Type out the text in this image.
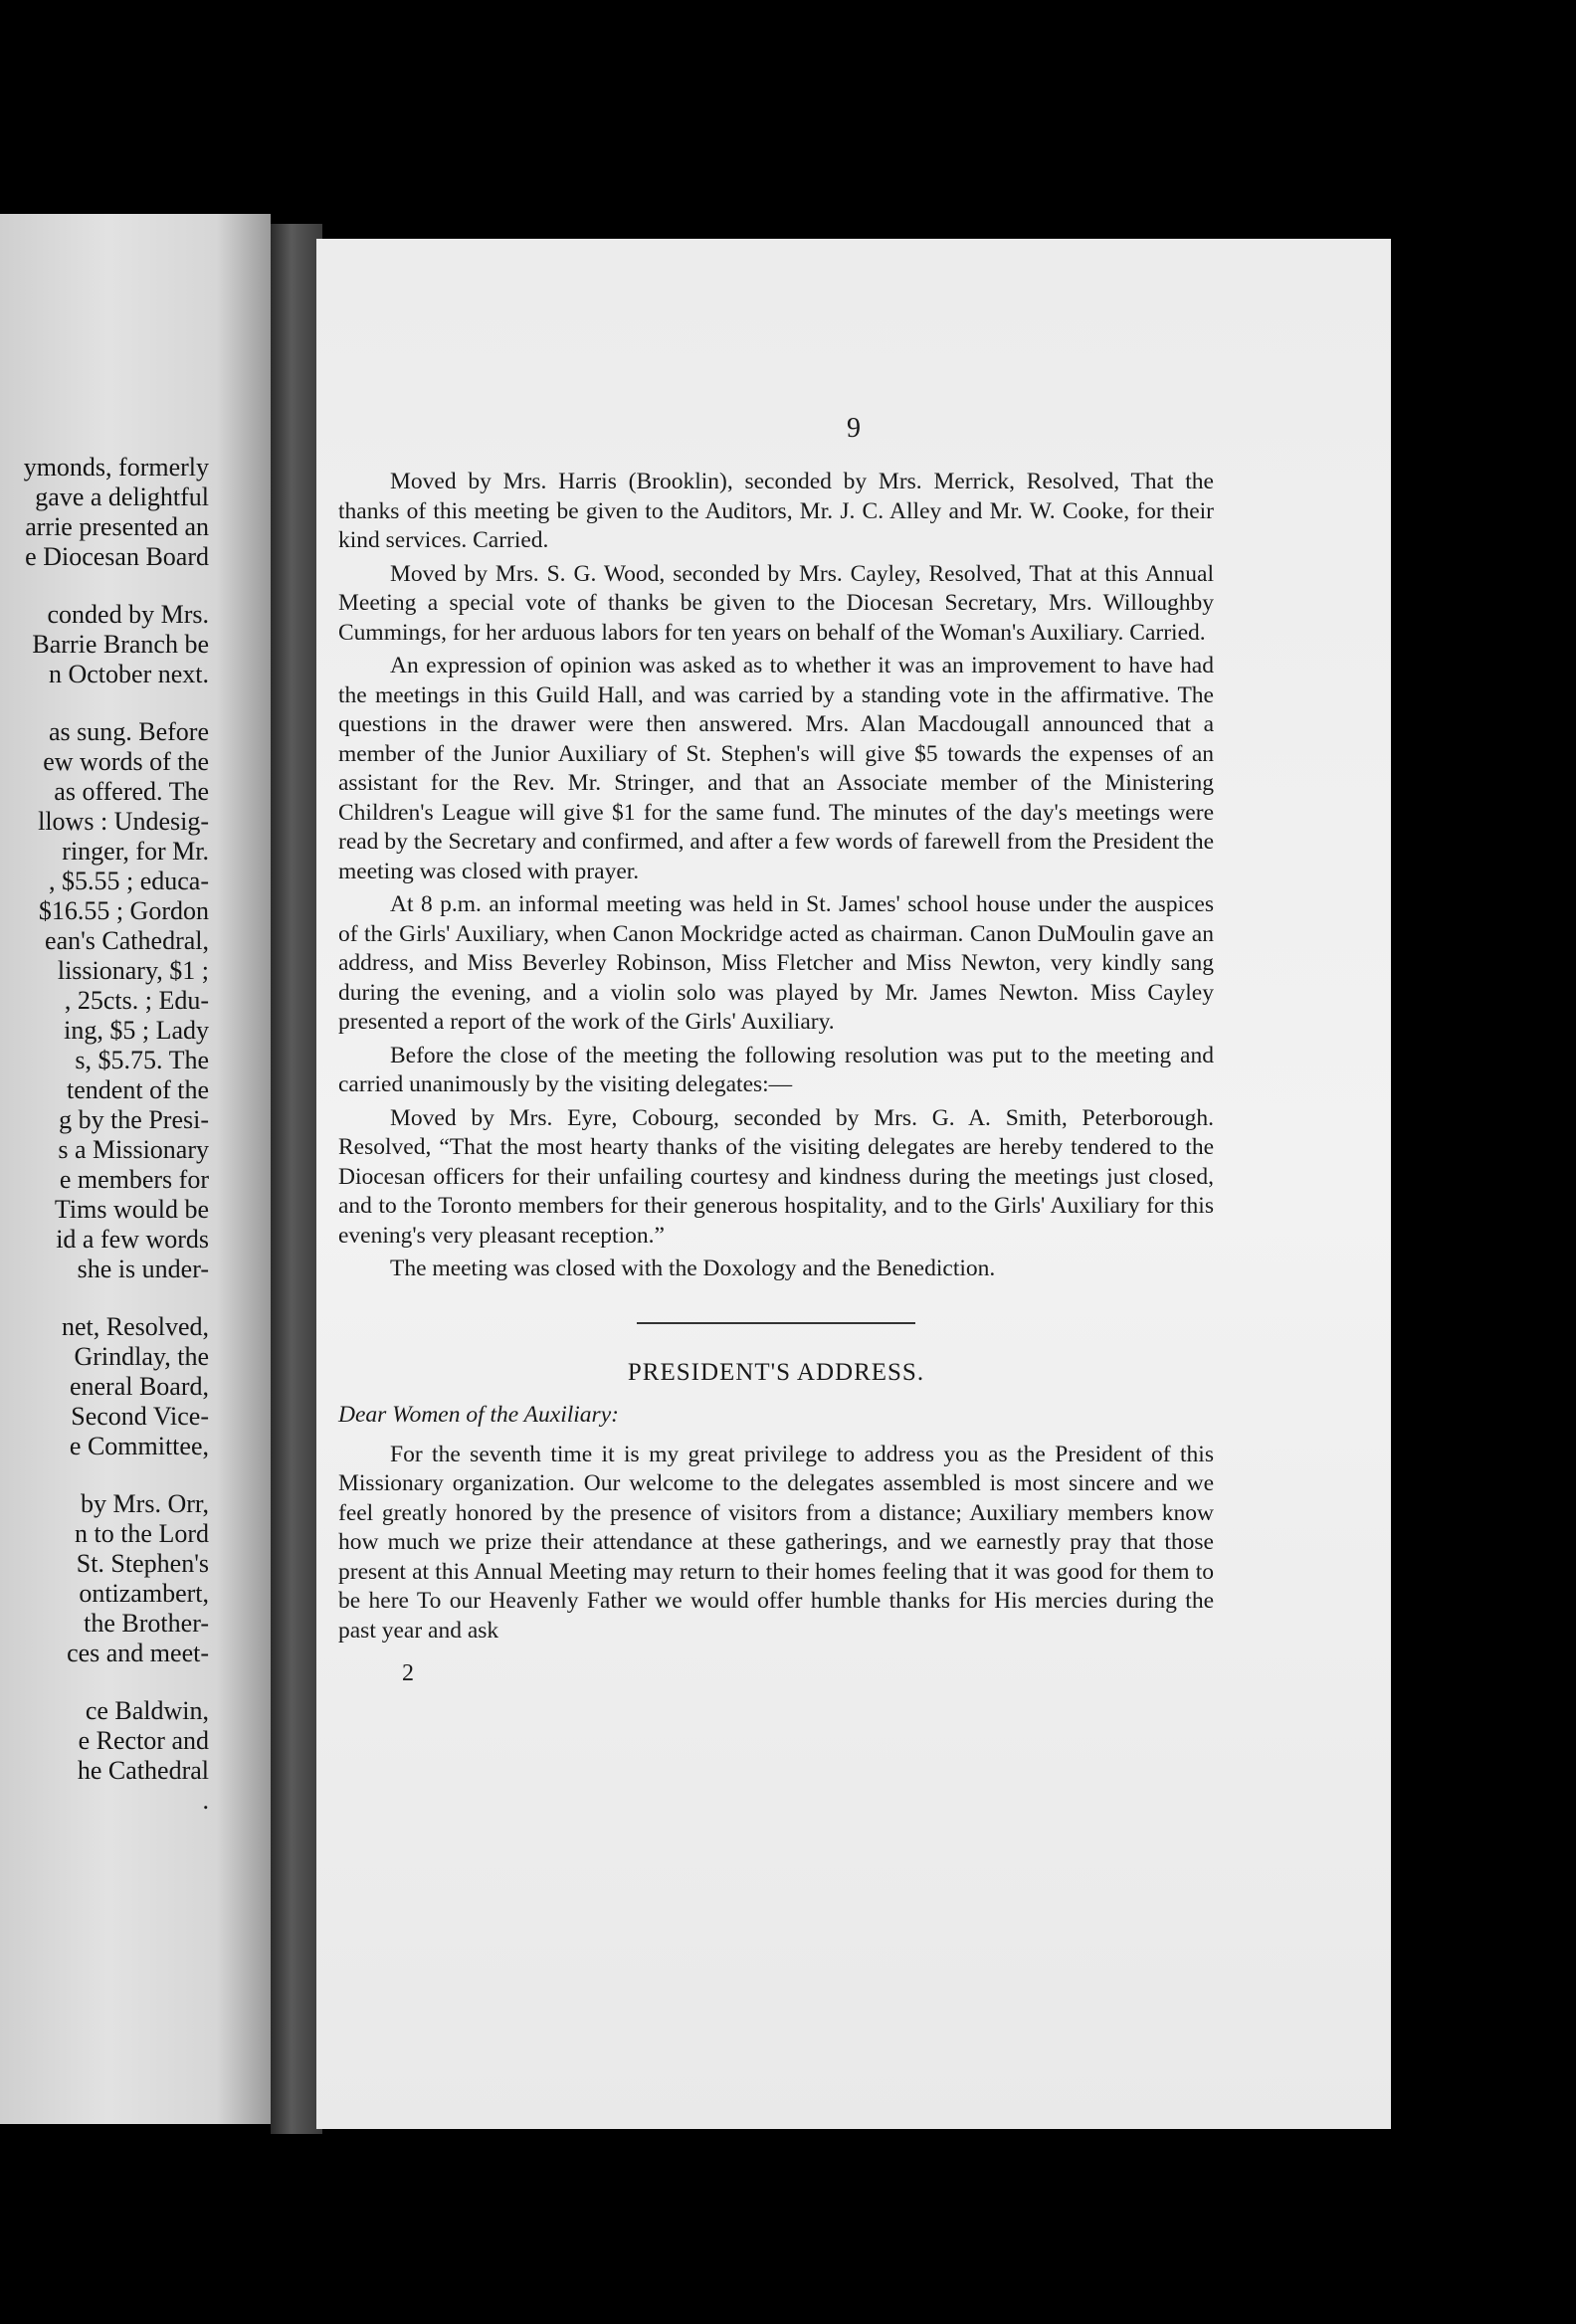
ymonds, formerly
gave a delightful
arrie presented an
e Diocesan Board
conded by Mrs.
Barrie Branch be
n October next.
as sung. Before
ew words of the
as offered. The
llows : Undesig-
ringer, for Mr.
, $5.55 ; educa-
$16.55 ; Gordon
ean's Cathedral,
lissionary, $1 ;
, 25cts. ; Edu-
ing, $5 ; Lady
s, $5.75. The
tendent of the
g by the Presi-
s a Missionary
e members for
Tims would be
id a few words
she is under-
net, Resolved,
Grindlay, the
eneral Board,
Second Vice-
e Committee,
by Mrs. Orr,
n to the Lord
St. Stephen's
ontizambert,
the Brother-
ces and meet-
ce Baldwin,
e Rector and
he Cathedral
.
9

Moved by Mrs. Harris (Brooklin), seconded by Mrs. Merrick, Resolved, That the thanks of this meeting be given to the Auditors, Mr. J. C. Alley and Mr. W. Cooke, for their kind services. Carried.

Moved by Mrs. S. G. Wood, seconded by Mrs. Cayley, Resolved, That at this Annual Meeting a special vote of thanks be given to the Diocesan Secretary, Mrs. Willoughby Cummings, for her arduous labors for ten years on behalf of the Woman's Auxiliary. Carried.

An expression of opinion was asked as to whether it was an improvement to have had the meetings in this Guild Hall, and was carried by a standing vote in the affirmative. The questions in the drawer were then answered. Mrs. Alan Macdougall announced that a member of the Junior Auxiliary of St. Stephen's will give $5 towards the expenses of an assistant for the Rev. Mr. Stringer, and that an Associate member of the Ministering Children's League will give $1 for the same fund. The minutes of the day's meetings were read by the Secretary and confirmed, and after a few words of farewell from the President the meeting was closed with prayer.

At 8 p.m. an informal meeting was held in St. James' school house under the auspices of the Girls' Auxiliary, when Canon Mockridge acted as chairman. Canon DuMoulin gave an address, and Miss Beverley Robinson, Miss Fletcher and Miss Newton, very kindly sang during the evening, and a violin solo was played by Mr. James Newton. Miss Cayley presented a report of the work of the Girls' Auxiliary.

Before the close of the meeting the following resolution was put to the meeting and carried unanimously by the visiting delegates:—

Moved by Mrs. Eyre, Cobourg, seconded by Mrs. G. A. Smith, Peterborough. Resolved, “That the most hearty thanks of the visiting delegates are hereby tendered to the Diocesan officers for their unfailing courtesy and kindness during the meetings just closed, and to the Toronto members for their generous hospitality, and to the Girls' Auxiliary for this evening's very pleasant reception.”

The meeting was closed with the Doxology and the Benediction.

PRESIDENT'S ADDRESS.
Dear Women of the Auxiliary:

For the seventh time it is my great privilege to address you as the President of this Missionary organization. Our welcome to the delegates assembled is most sincere and we feel greatly honored by the presence of visitors from a distance; Auxiliary members know how much we prize their attendance at these gatherings, and we earnestly pray that those present at this Annual Meeting may return to their homes feeling that it was good for them to be here To our Heavenly Father we would offer humble thanks for His mercies during the past year and ask

2
